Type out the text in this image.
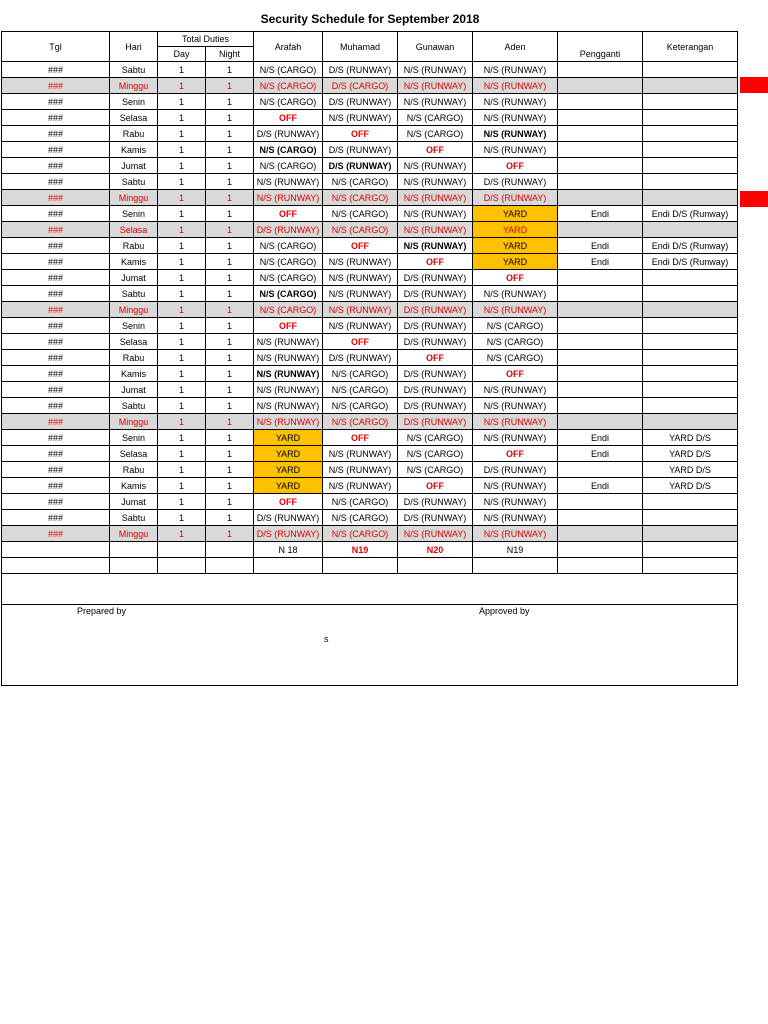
Security Schedule for September 2018
Tgl	Hari	Total Duties		Arafah	Muhamad	Gunawan	Aden	Pengganti	Keterangan
		Day	Night						
###	Sabtu	1	1	N/S (CARGO)	D/S (RUNWAY)	N/S (RUNWAY)	N/S (RUNWAY)		
###	Minggu	1	1	N/S (CARGO)	D/S (CARGO)	N/S (RUNWAY)	N/S (RUNWAY)		
###	Senin	1	1	N/S (CARGO)	D/S (RUNWAY)	N/S (RUNWAY)	N/S (RUNWAY)		
###	Selasa	1	1	OFF	N/S (RUNWAY)	N/S (CARGO)	N/S (RUNWAY)		
###	Rabu	1	1	D/S (RUNWAY)	OFF	N/S (CARGO)	N/S (RUNWAY)		
###	Kamis	1	1	N/S (CARGO)	D/S (RUNWAY)	OFF	N/S (RUNWAY)		
###	Jumat	1	1	N/S (CARGO)	D/S (RUNWAY)	N/S (RUNWAY)	OFF		
###	Sabtu	1	1	N/S (RUNWAY)	N/S (CARGO)	N/S (RUNWAY)	D/S (RUNWAY)		
###	Minggu	1	1	N/S (RUNWAY)	N/S (CARGO)	N/S (RUNWAY)	D/S (RUNWAY)		
###	Senin	1	1	OFF	N/S (CARGO)	N/S (RUNWAY)	YARD	Endi	Endi D/S (Runway)
###	Selasa	1	1	D/S (RUNWAY)	N/S (CARGO)	N/S (RUNWAY)	YARD		
###	Rabu	1	1	N/S (CARGO)	OFF	N/S (RUNWAY)	YARD	Endi	Endi D/S (Runway)
###	Kamis	1	1	N/S (CARGO)	N/S (RUNWAY)	OFF	YARD	Endi	Endi D/S (Runway)
###	Jumat	1	1	N/S (CARGO)	N/S (RUNWAY)	D/S (RUNWAY)	OFF		
###	Sabtu	1	1	N/S (CARGO)	N/S (RUNWAY)	D/S (RUNWAY)	N/S (RUNWAY)		
###	Minggu	1	1	N/S (CARGO)	N/S (RUNWAY)	D/S (RUNWAY)	N/S (RUNWAY)		
###	Senin	1	1	OFF	N/S (RUNWAY)	D/S (RUNWAY)	N/S (CARGO)		
###	Selasa	1	1	N/S (RUNWAY)	OFF	D/S (RUNWAY)	N/S (CARGO)		
###	Rabu	1	1	N/S (RUNWAY)	D/S (RUNWAY)	OFF	N/S (CARGO)		
###	Kamis	1	1	N/S (RUNWAY)	N/S (CARGO)	D/S (RUNWAY)	OFF		
###	Jumat	1	1	N/S (RUNWAY)	N/S (CARGO)	D/S (RUNWAY)	N/S (RUNWAY)		
###	Sabtu	1	1	N/S (RUNWAY)	N/S (CARGO)	D/S (RUNWAY)	N/S (RUNWAY)		
###	Minggu	1	1	N/S (RUNWAY)	N/S (CARGO)	D/S (RUNWAY)	N/S (RUNWAY)		
###	Senin	1	1	YARD	OFF	N/S (CARGO)	N/S (RUNWAY)	Endi	YARD D/S
###	Selasa	1	1	YARD	N/S (RUNWAY)	N/S (CARGO)	OFF	Endi	YARD D/S
###	Rabu	1	1	YARD	N/S (RUNWAY)	N/S (CARGO)	D/S (RUNWAY)		YARD D/S
###	Kamis	1	1	YARD	N/S (RUNWAY)	OFF	N/S (RUNWAY)	Endi	YARD D/S
###	Jumat	1	1	OFF	N/S (CARGO)	D/S (RUNWAY)	N/S (RUNWAY)		
###	Sabtu	1	1	D/S (RUNWAY)	N/S (CARGO)	D/S (RUNWAY)	N/S (RUNWAY)		
###	Minggu	1	1	D/S (RUNWAY)	N/S (CARGO)	N/S (RUNWAY)	N/S (RUNWAY)		
				N 18	N19	N20	N19		

Prepared by	Approved by
s
